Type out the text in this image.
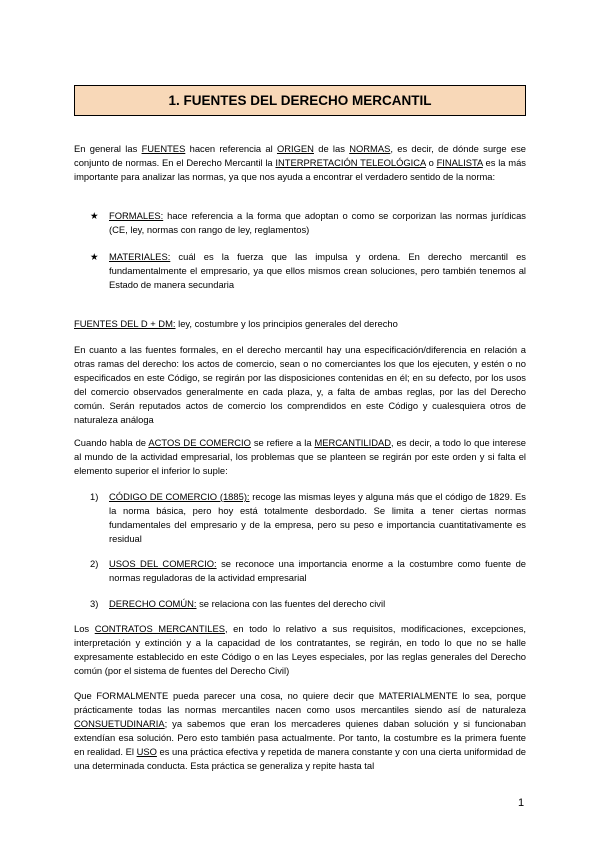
1. FUENTES DEL DERECHO MERCANTIL
En general las FUENTES hacen referencia al ORIGEN de las NORMAS, es decir, de dónde surge ese conjunto de normas. En el Derecho Mercantil la INTERPRETACIÓN TELEOLÓGICA o FINALISTA es la más importante para analizar las normas, ya que nos ayuda a encontrar el verdadero sentido de la norma:
★	FORMALES: hace referencia a la forma que adoptan o como se corporizan las normas jurídicas (CE, ley, normas con rango de ley, reglamentos)
★	MATERIALES: cuál es la fuerza que las impulsa y ordena. En derecho mercantil es fundamentalmente el empresario, ya que ellos mismos crean soluciones, pero también tenemos al Estado de manera secundaria
FUENTES DEL D + DM: ley, costumbre y los principios generales del derecho
En cuanto a las fuentes formales, en el derecho mercantil hay una especificación/diferencia en relación a otras ramas del derecho: los actos de comercio, sean o no comerciantes los que los ejecuten, y estén o no especificados en este Código, se regirán por las disposiciones contenidas en él; en su defecto, por los usos del comercio observados generalmente en cada plaza, y, a falta de ambas reglas, por las del Derecho común. Serán reputados actos de comercio los comprendidos en este Código y cualesquiera otros de naturaleza análoga
Cuando habla de ACTOS DE COMERCIO se refiere a la MERCANTILIDAD, es decir, a todo lo que interese al mundo de la actividad empresarial, los problemas que se planteen se regirán por este orden y si falta el elemento superior el inferior lo suple:
1)	CÓDIGO DE COMERCIO (1885): recoge las mismas leyes y alguna más que el código de 1829. Es la norma básica, pero hoy está totalmente desbordado. Se limita a tener ciertas normas fundamentales del empresario y de la empresa, pero su peso e importancia cuantitativamente es residual
2)	USOS DEL COMERCIO: se reconoce una importancia enorme a la costumbre como fuente de normas reguladoras de la actividad empresarial
3)	DERECHO COMÚN: se relaciona con las fuentes del derecho civil
Los CONTRATOS MERCANTILES, en todo lo relativo a sus requisitos, modificaciones, excepciones, interpretación y extinción y a la capacidad de los contratantes, se regirán, en todo lo que no se halle expresamente establecido en este Código o en las Leyes especiales, por las reglas generales del Derecho común (por el sistema de fuentes del Derecho Civil)
Que FORMALMENTE pueda parecer una cosa, no quiere decir que MATERIALMENTE lo sea, porque prácticamente todas las normas mercantiles nacen como usos mercantiles siendo así de naturaleza CONSUETUDINARIA; ya sabemos que eran los mercaderes quienes daban solución y si funcionaban extendían esa solución. Pero esto también pasa actualmente. Por tanto, la costumbre es la primera fuente en realidad. El USO es una práctica efectiva y repetida de manera constante y con una cierta uniformidad de una determinada conducta. Esta práctica se generaliza y repite hasta tal
1
